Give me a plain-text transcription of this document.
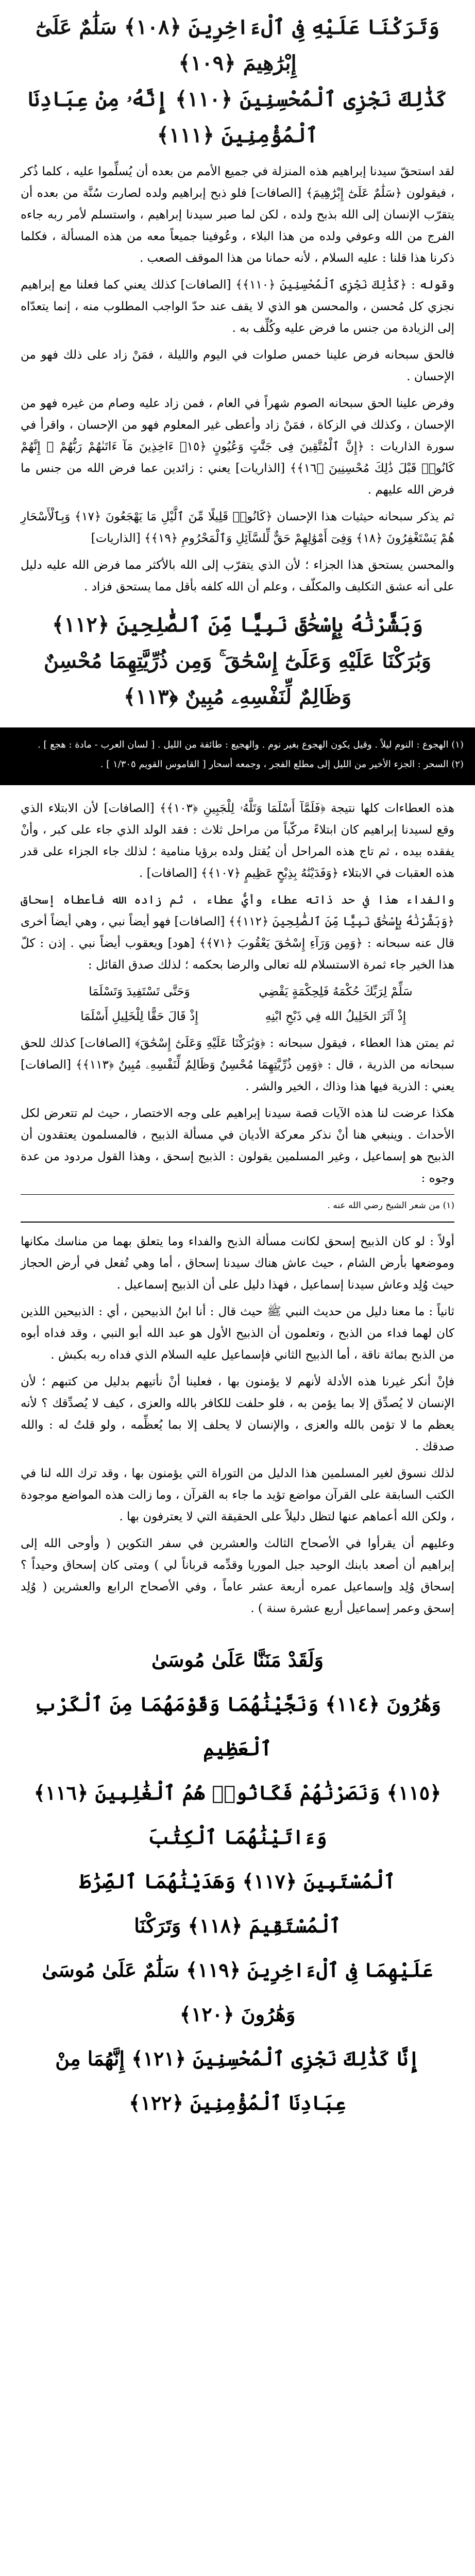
وَتَرَكْنَا عَلَيْهِ فِى ٱلْءَاخِرِينَ ﴿١٠٨﴾ سَلَٰمٌ عَلَىٰٓ إِبْرَٰهِيمَ ﴿١٠٩﴾
كَذَٰلِكَ نَجْزِى ٱلْمُحْسِنِينَ ﴿١١٠﴾ إِنَّهُۥ مِنْ عِبَادِنَا ٱلْمُؤْمِنِينَ ﴿١١١﴾

لقد استحقّ سيدنا إبراهيم هذه المنزلة في جميع الأمم من بعده أن يُسلِّموا عليه ، كلما ذُكر ، فيقولون ﴿سَلَٰمٌ عَلَىٰٓ إِبْرَٰهِيمَ﴾ [الصافات] فلو ذبح إبراهيم ولده لصارت سُنَّة من بعده أن يتقرّب الإنسان إلى الله بذبح ولده ، لكن لما صبر سيدنا إبراهيم ، واستسلم لأمر ربه جاءه الفرج من الله وعوفي ولده من هذا البلاء ، وعُوفينا جميعاً معه من هذه المسألة ، فكلما ذكرنا هذا قلنا : عليه السلام ، لأنه حمانا من هذا الموقف الصعب .

وقوله : ﴿كَذَٰلِكَ نَجْزِى ٱلْمُحْسِنِينَ ﴿١١٠﴾﴾ [الصافات] كذلك يعني كما فعلنا مع إبراهيم نجزي كل مُحسن ، والمحسن هو الذي لا يقف عند حدّ الواجب المطلوب منه ، إنما يتعدّاه إلى الزيادة من جنس ما فرض عليه وكُلِّف به .

فالحق سبحانه فرض علينا خمس صلوات في اليوم والليلة ، فمَنْ زاد على ذلك فهو من الإحسان .

وفرض علينا الحق سبحانه الصوم شهراً في العام ، فمن زاد عليه وصام من غيره فهو من الإحسان ، وكذلك في الزكاة ، فمَنْ زاد وأعطى غير المعلوم فهو من الإحسان ، واقرأ في سورة الذاريات : ﴿إِنَّ ٱلْمُتَّقِينَ فِى جَنَّٰتٍ وَعُيُونٍ ﴿١٥﴾ ءَاخِذِينَ مَآ ءَاتَىٰهُمْ رَبُّهُمْ ۚ إِنَّهُمْ كَانُوا۟ قَبْلَ ذَٰلِكَ مُحْسِنِينَ ﴿١٦﴾﴾ [الذاريات] يعني : زائدين عما فرض الله من جنس ما فرض الله عليهم .

ثم يذكر سبحانه حيثيات هذا الإحسان ﴿كَانُوا۟ قَلِيلًا مِّنَ ٱلَّيْلِ مَا يَهْجَعُونَ ﴿١٧﴾ وَبِٱلْأَسْحَارِ هُمْ يَسْتَغْفِرُونَ ﴿١٨﴾ وَفِىٓ أَمْوَٰلِهِمْ حَقٌّ لِّلسَّآئِلِ وَٱلْمَحْرُومِ ﴿١٩﴾﴾ [الذاريات]

والمحسن يستحق هذا الجزاء ؛ لأن الذي يتقرّب إلى الله بالأكثر مما فرض الله عليه دليل على أنه عشق التكليف والمكلّف ، وعلم أن الله كلفه بأقل مما يستحق فزاد .

وَبَشَّرْنَٰهُ بِإِسْحَٰقَ نَبِيًّا مِّنَ ٱلصَّٰلِحِينَ ﴿١١٢﴾
وَبَٰرَكْنَا عَلَيْهِ وَعَلَىٰٓ إِسْحَٰقَ ۚ وَمِن ذُرِّيَّتِهِمَا مُحْسِنٌ
وَظَالِمٌ لِّنَفْسِهِۦ مُبِينٌ ﴿١١٣﴾

(١) الهجوع : النوم ليلاً . وقيل يكون الهجوع بغير نوم . والهجيع : طائفة من الليل . [ لسان العرب - مادة : هجع ] .

(٢) السحر : الجزء الأخير من الليل إلى مطلع الفجر ، وجمعه أسحار [ القاموس القويم ١/٣٠٥ ] .

هذه العطاءات كلها نتيجة ﴿فَلَمَّآ أَسْلَمَا وَتَلَّهُۥ لِلْجَبِينِ ﴿١٠٣﴾﴾ [الصافات] لأن الابتلاء الذي وقع لسيدنا إبراهيم كان ابتلاءً مركّباً من مراحل ثلاث : فقد الولد الذي جاء على كبر ، وأنْ يفقده بيده ، ثم تاج هذه المراحل أن يُقتل ولده برؤيا منامية ؛ لذلك جاء الجزاء على قدر هذه العقبات في الابتلاء ﴿وَفَدَيْنَٰهُ بِذِبْحٍ عَظِيمٍ ﴿١٠٧﴾﴾ [الصافات] .

والفداء هذا في حد ذاته عطاء وأيُّ عطاء ، ثم زاده الله فأعطاه إسحاق ﴿وَبَشَّرْنَٰهُ بِإِسْحَٰقَ نَبِيًّا مِّنَ ٱلصَّٰلِحِينَ ﴿١١٢﴾﴾ [الصافات] فهو أيضاً نبي ، وهي أيضاً أخرى قال عنه سبحانه : ﴿وَمِن وَرَآءِ إِسْحَٰقَ يَعْقُوبَ ﴿٧١﴾﴾ [هود] ويعقوب أيضاً نبي . إذن : كلّ هذا الخير جاء ثمرة الاستسلام لله تعالى والرضا بحكمه ؛ لذلك صدق القائل :

سَلِّمْ لِرَبِّكَ حُكْمَهُ فَلِحِكْمَةٍ يَقْضِي
وَحَتَّى تَسْتَفِيدَ وَتَسْلَمَا
إِذْ آثَرَ الخَلِيلُ الله فِي ذَبْحِ ابْنِهِ
إِذْ قَالَ حَقًّا لِلْخَلِيلِ أَسْلَمَا

ثم يمتن هذا العطاء ، فيقول سبحانه : ﴿وَبَٰرَكْنَا عَلَيْهِ وَعَلَىٰٓ إِسْحَٰقَ﴾ [الصافات] كذلك للحق سبحانه من الذرية ، قال : ﴿وَمِن ذُرِّيَّتِهِمَا مُحْسِنٌ وَظَالِمٌ لِّنَفْسِهِۦ مُبِينٌ ﴿١١٣﴾﴾ [الصافات] يعني : الذرية فيها هذا وذاك ، الخير والشر .

هكذا عرضت لنا هذه الآيات قصة سيدنا إبراهيم على وجه الاختصار ، حيث لم تتعرض لكل الأحداث . وينبغي هنا أنْ نذكر معركة الأديان في مسألة الذبيح ، فالمسلمون يعتقدون أن الذبيح هو إسماعيل ، وغير المسلمين يقولون : الذبيح إسحق ، وهذا القول مردود من عدة وجوه :

(١) من شعر الشيخ رضي الله عنه .

أولاً : لو كان الذبيح إسحق لكانت مسألة الذبح والفداء وما يتعلق بهما من مناسك مكانها وموضعها بأرض الشام ، حيث عاش هناك سيدنا إسحاق ، أما وهي تُفعل في أرض الحجاز حيث وُلِد وعاش سيدنا إسماعيل ، فهذا دليل على أن الذبيح إسماعيل .

ثانياً : ما معنا دليل من حديث النبي ﷺ حيث قال : أنا ابنُ الذبيحين ، أي : الذبيحين اللذين كان لهما فداء من الذبح ، وتعلمون أن الذبيح الأول هو عبد الله أبو النبي ، وقد فداه أبوه من الذبح بمائة ناقة ، أما الذبيح الثاني فإسماعيل عليه السلام الذي فداه ربه بكبش .

فإنْ أنكر غيرنا هذه الأدلة لأنهم لا يؤمنون بها ، فعلينا أنْ نأتيهم بدليل من كتبهم ؛ لأن الإنسان لا يُصدِّق إلا بما يؤمن به ، فلو حلفت للكافر بالله والعزى ، كيف لا يُصدِّقك ؟ لأنه يعظم ما لا تؤمن بالله والعزى ، والإنسان لا يحلف إلا بما يُعظِّمه ، ولو قلتُ له : والله صدقك .

لذلك نسوق لغير المسلمين هذا الدليل من التوراة التي يؤمنون بها ، وقد ترك الله لنا في الكتب السابقة على القرآن مواضع تؤيد ما جاء به القرآن ، وما زالت هذه المواضع موجودة ، ولكن الله أعماهم عنها لتظل دليلاً على الحقيقة التي لا يعترفون بها .

وعليهم أن يقرأوا في الأصحاح الثالث والعشرين في سفر التكوين ( وأوحى الله إلى إبراهيم أن أصعد بابنك الوحيد جبل الموريا وقدِّمه قرباناً لي ) ومتى كان إسحاق وحيداً ؟ إسحاق وُلِد وإسماعيل عمره أربعة عشر عاماً ، وفي الأصحاح الرابع والعشرين ( وُلِد إسحق وعمر إسماعيل أربع عشرة سنة ) .

وَلَقَدْ مَنَنَّا عَلَىٰ مُوسَىٰ
وَهَٰرُونَ ﴿١١٤﴾ وَنَجَّيْنَٰهُمَا وَقَوْمَهُمَا مِنَ ٱلْكَرْبِ ٱلْعَظِيمِ
﴿١١٥﴾ وَنَصَرْنَٰهُمْ فَكَانُوا۟ هُمُ ٱلْغَٰلِبِينَ ﴿١١٦﴾ وَءَاتَيْنَٰهُمَا ٱلْكِتَٰبَ
ٱلْمُسْتَبِينَ ﴿١١٧﴾ وَهَدَيْنَٰهُمَا ٱلصِّرَٰطَ ٱلْمُسْتَقِيمَ ﴿١١٨﴾ وَتَرَكْنَا
عَلَيْهِمَا فِى ٱلْءَاخِرِينَ ﴿١١٩﴾ سَلَٰمٌ عَلَىٰ مُوسَىٰ وَهَٰرُونَ ﴿١٢٠﴾
إِنَّا كَذَٰلِكَ نَجْزِى ٱلْمُحْسِنِينَ ﴿١٢١﴾ إِنَّهُمَا مِنْ
عِبَادِنَا ٱلْمُؤْمِنِينَ ﴿١٢٢﴾
